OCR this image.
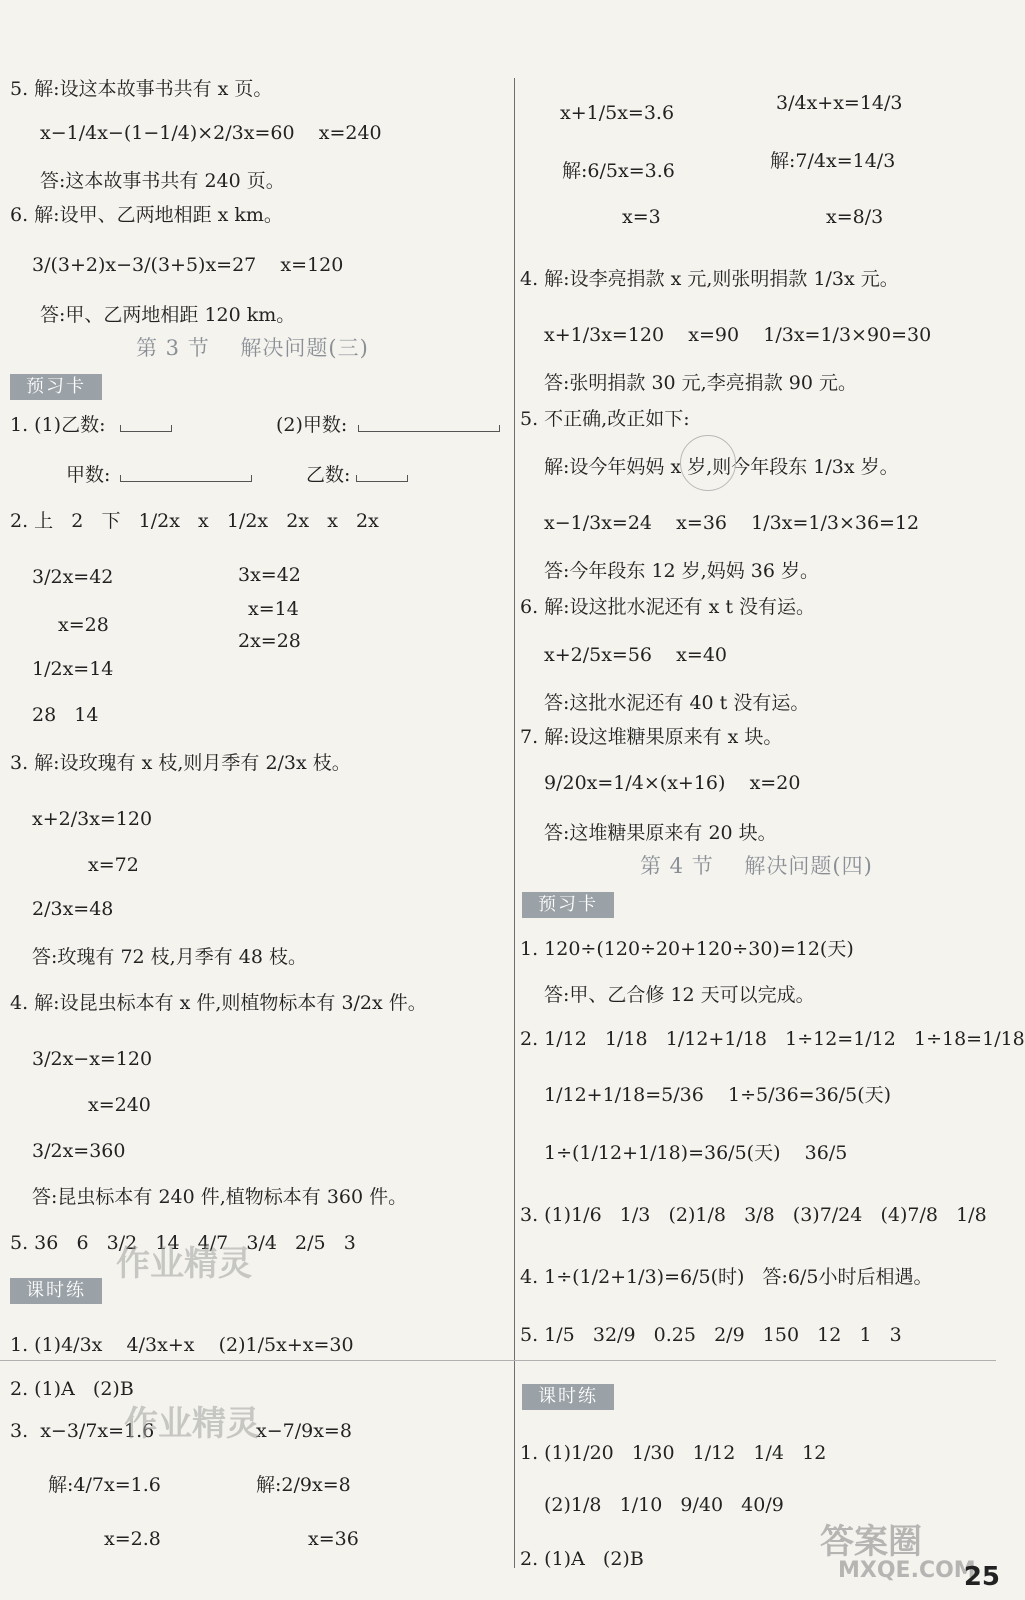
5. 解:设这本故事书共有 x 页。
x−1/4x−(1−1/4)×2/3x=60    x=240
答:这本故事书共有 240 页。
6. 解:设甲、乙两地相距 x km。
3/(3+2)x−3/(3+5)x=27    x=120
答:甲、乙两地相距 120 km。
第 3 节    解决问题(三)
预习卡
1. (1)乙数:	(2)甲数:
甲数:	乙数:
2. 上   2   下   1/2x   x   1/2x   2x   x   2x
3/2x=42	3x=42
x=14
x=28
2x=28
1/2x=14
28   14
3. 解:设玫瑰有 x 枝,则月季有 2/3x 枝。
x+2/3x=120
x=72
2/3x=48
答:玫瑰有 72 枝,月季有 48 枝。
4. 解:设昆虫标本有 x 件,则植物标本有 3/2x 件。
3/2x−x=120
x=240
3/2x=360
答:昆虫标本有 240 件,植物标本有 360 件。
5. 36   6   3/2   14   4/7   3/4   2/5   3
课时练
1. (1)4/3x    4/3x+x    (2)1/5x+x=30
2. (1)A   (2)B
3.  x−3/7x=1.6	x−7/9x=8
解:4/7x=1.6	解:2/9x=8
x=2.8	x=36
x+1/5x=3.6	3/4x+x=14/3
解:6/5x=3.6	解:7/4x=14/3
x=3	x=8/3
4. 解:设李亮捐款 x 元,则张明捐款 1/3x 元。
x+1/3x=120    x=90    1/3x=1/3×90=30
答:张明捐款 30 元,李亮捐款 90 元。
5. 不正确,改正如下:
解:设今年妈妈 x 岁,则今年段东 1/3x 岁。
x−1/3x=24    x=36    1/3x=1/3×36=12
答:今年段东 12 岁,妈妈 36 岁。
6. 解:设这批水泥还有 x t 没有运。
x+2/5x=56    x=40
答:这批水泥还有 40 t 没有运。
7. 解:设这堆糖果原来有 x 块。
9/20x=1/4×(x+16)    x=20
答:这堆糖果原来有 20 块。
第 4 节    解决问题(四)
预习卡
1. 120÷(120÷20+120÷30)=12(天)
答:甲、乙合修 12 天可以完成。
2. 1/12   1/18   1/12+1/18   1÷12=1/12   1÷18=1/18
1/12+1/18=5/36    1÷5/36=36/5(天)
1÷(1/12+1/18)=36/5(天)    36/5
3. (1)1/6   1/3   (2)1/8   3/8   (3)7/24   (4)7/8   1/8
4. 1÷(1/2+1/3)=6/5(时)   答:6/5小时后相遇。
5. 1/5   32/9   0.25   2/9   150   12   1   3
课时练
1. (1)1/20   1/30   1/12   1/4   12
(2)1/8   1/10   9/40   40/9
2. (1)A   (2)B
作业精灵
作业精灵
答案圈
MXQE.COM
25
